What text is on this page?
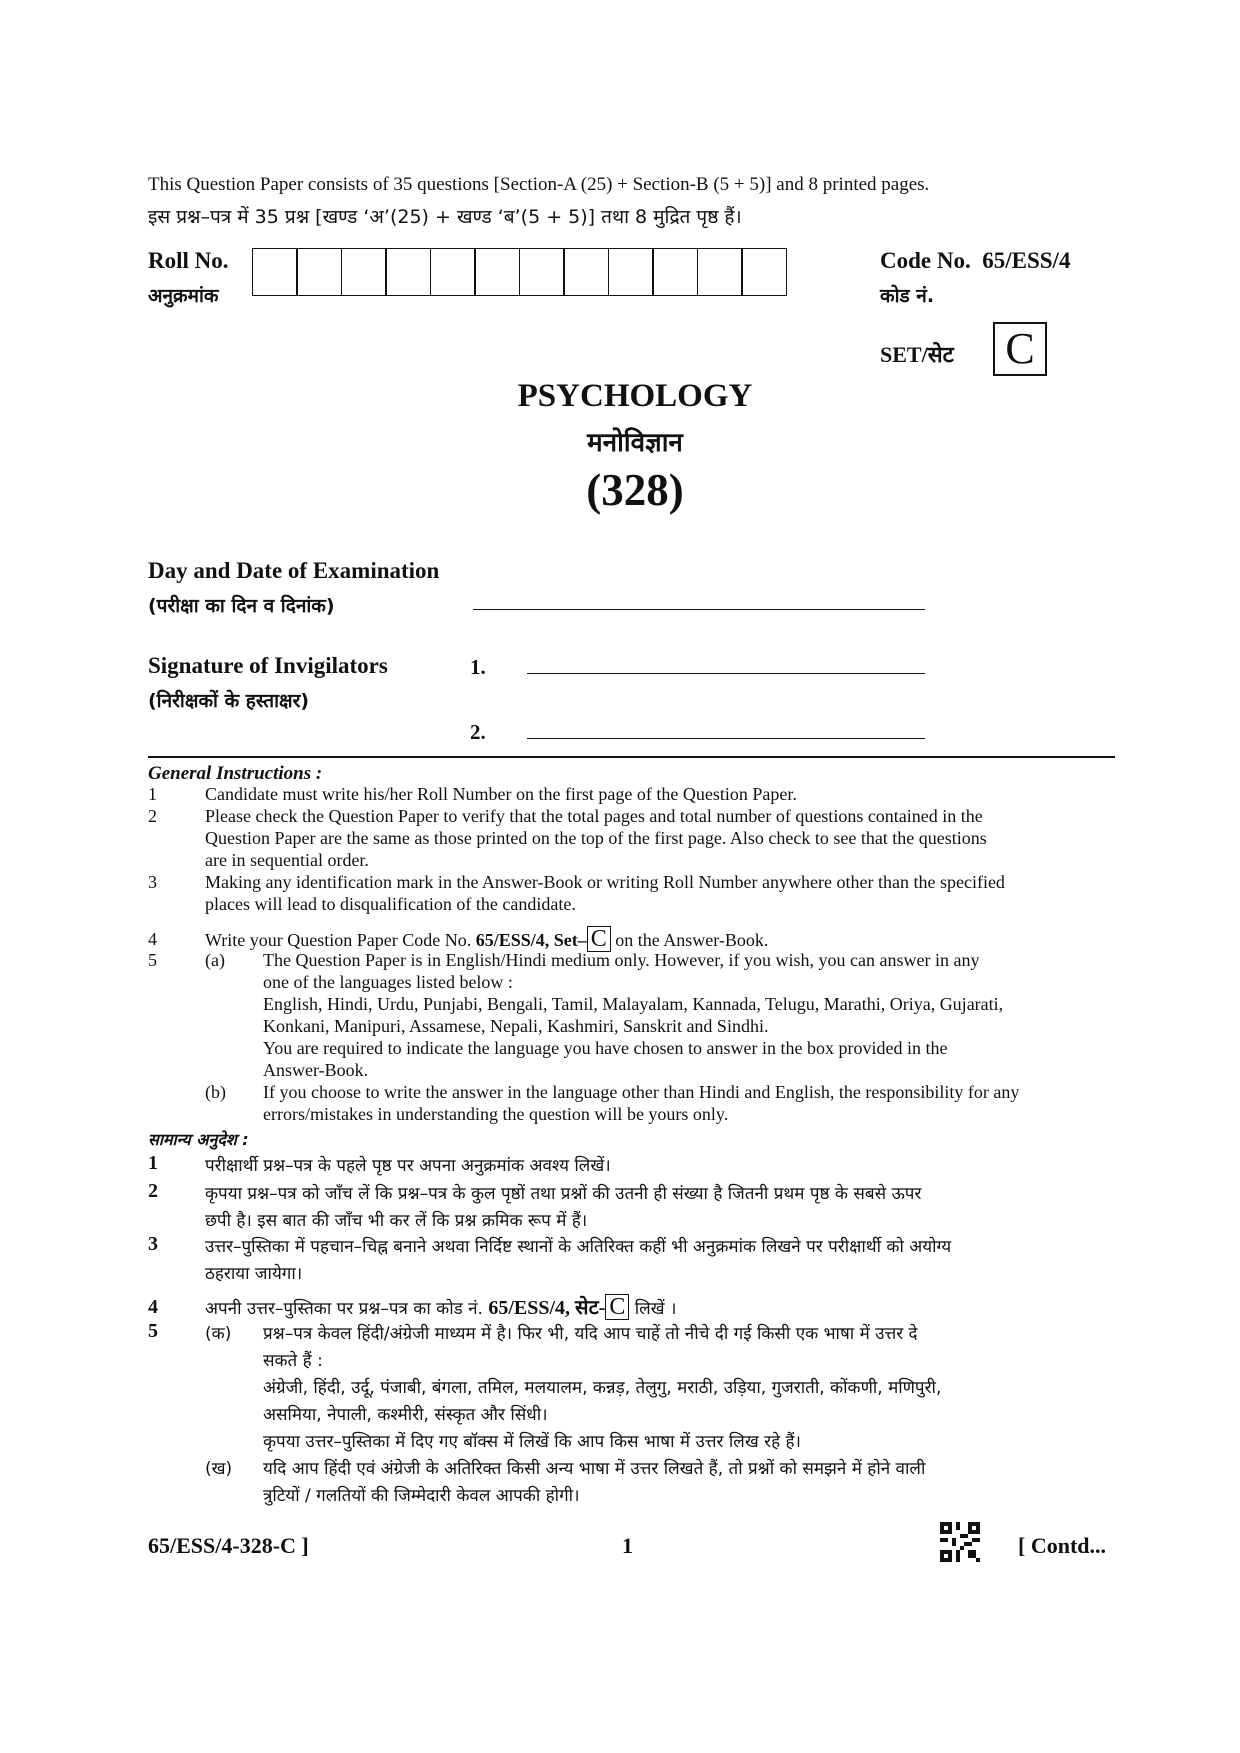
This Question Paper consists of 35 questions [Section-A (25) + Section-B (5 + 5)] and 8 printed pages.
इस प्रश्न–पत्र में 35 प्रश्न [खण्ड ‘अ’(25) + खण्ड ‘ब’(5 + 5)] तथा 8 मुद्रित पृष्ठ हैं।
Roll No.
अनुक्रमांक
Code No. 65/ESS/4
कोड नं.
SET/सेट C
PSYCHOLOGY
मनोविज्ञान
(328)
Day and Date of Examination
(परीक्षा का दिन व दिनांक)
Signature of Invigilators
(निरीक्षकों के हस्ताक्षर)
1.
2.
General Instructions :
1	Candidate must write his/her Roll Number on the first page of the Question Paper.
2	Please check the Question Paper to verify that the total pages and total number of questions contained in the
Question Paper are the same as those printed on the top of the first page. Also check to see that the questions
are in sequential order.
3	Making any identification mark in the Answer-Book or writing Roll Number anywhere other than the specified
places will lead to disqualification of the candidate.
4	Write your Question Paper Code No. 65/ESS/4, Set– C on the Answer-Book.
5	(a)	The Question Paper is in English/Hindi medium only. However, if you wish, you can answer in any
one of the languages listed below :
English, Hindi, Urdu, Punjabi, Bengali, Tamil, Malayalam, Kannada, Telugu, Marathi, Oriya, Gujarati,
Konkani, Manipuri, Assamese, Nepali, Kashmiri, Sanskrit and Sindhi.
You are required to indicate the language you have chosen to answer in the box provided in the
Answer-Book.
(b)	If you choose to write the answer in the language other than Hindi and English, the responsibility for any
errors/mistakes in understanding the question will be yours only.
सामान्य अनुदेश :
1	परीक्षार्थी प्रश्न–पत्र के पहले पृष्ठ पर अपना अनुक्रमांक अवश्य लिखें।
2	कृपया प्रश्न–पत्र को जाँच लें कि प्रश्न–पत्र के कुल पृष्ठों तथा प्रश्नों की उतनी ही संख्या है जितनी प्रथम पृष्ठ के सबसे ऊपर
छपी है। इस बात की जाँच भी कर लें कि प्रश्न क्रमिक रूप में हैं।
3	उत्तर–पुस्तिका में पहचान–चिह्न बनाने अथवा निर्दिष्ट स्थानों के अतिरिक्त कहीं भी अनुक्रमांक लिखने पर परीक्षार्थी को अयोग्य
ठहराया जायेगा।
4	अपनी उत्तर–पुस्तिका पर प्रश्न–पत्र का कोड नं. 65/ESS/4, सेट- C लिखें ।
5	(क)	प्रश्न–पत्र केवल हिंदी/अंग्रेजी माध्यम में है। फिर भी, यदि आप चाहें तो नीचे दी गई किसी एक भाषा में उत्तर दे
सकते हैं :
अंग्रेजी, हिंदी, उर्दू, पंजाबी, बंगला, तमिल, मलयालम, कन्नड़, तेलुगु, मराठी, उड़िया, गुजराती, कोंकणी, मणिपुरी,
असमिया, नेपाली, कश्मीरी, संस्कृत और सिंधी।
कृपया उत्तर–पुस्तिका में दिए गए बॉक्स में लिखें कि आप किस भाषा में उत्तर लिख रहे हैं।
(ख)	यदि आप हिंदी एवं अंग्रेजी के अतिरिक्त किसी अन्य भाषा में उत्तर लिखते हैं, तो प्रश्नों को समझने में होने वाली
त्रुटियों / गलतियों की जिम्मेदारी केवल आपकी होगी।
65/ESS/4-328-C ]	1	[ Contd...
